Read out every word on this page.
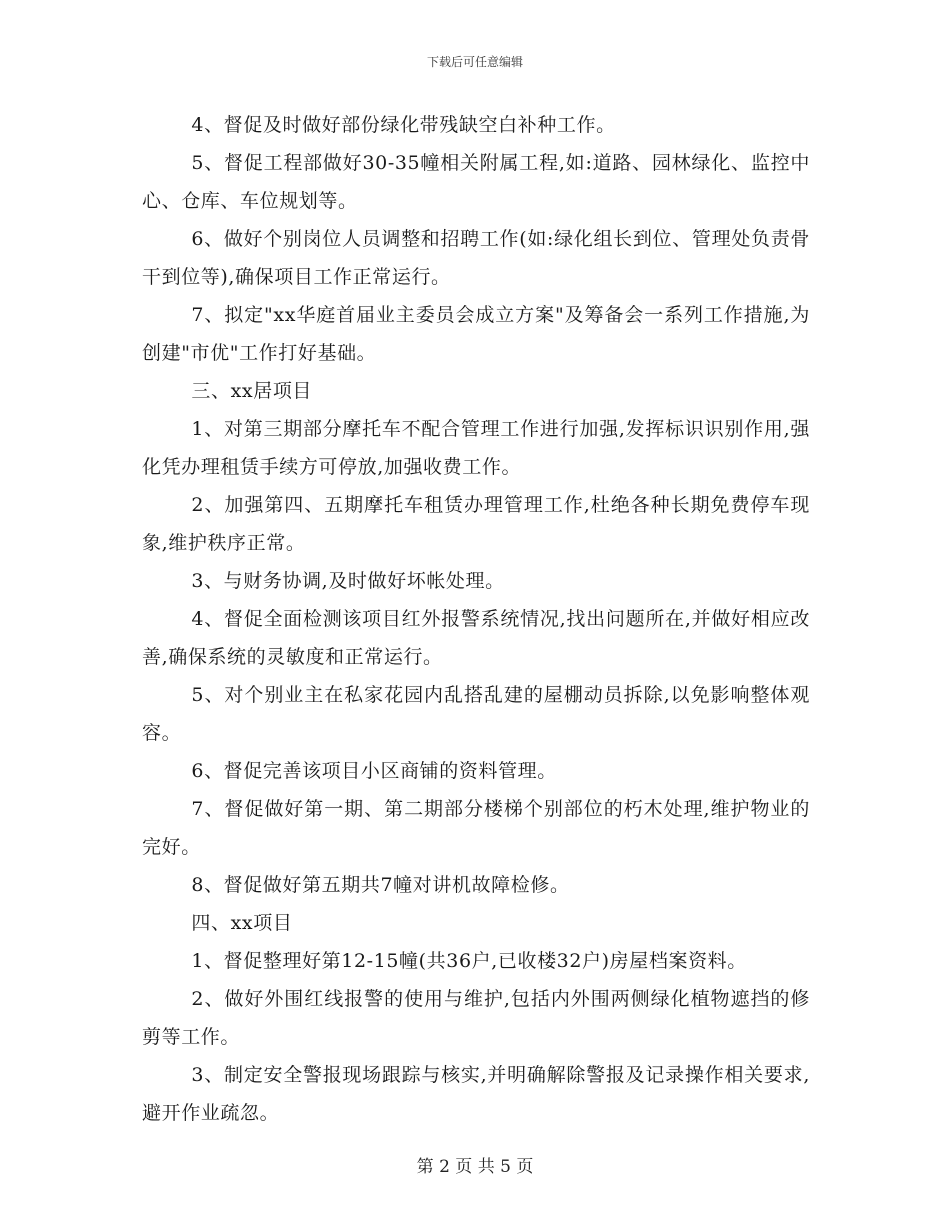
下载后可任意编辑

4、督促及时做好部份绿化带残缺空白补种工作。

5、督促工程部做好30-35幢相关附属工程,如:道路、园林绿化、监控中心、仓库、车位规划等。

6、做好个别岗位人员调整和招聘工作(如:绿化组长到位、管理处负责骨干到位等),确保项目工作正常运行。

7、拟定"xx华庭首届业主委员会成立方案"及筹备会一系列工作措施,为创建"市优"工作打好基础。

三、xx居项目

1、对第三期部分摩托车不配合管理工作进行加强,发挥标识识别作用,强化凭办理租赁手续方可停放,加强收费工作。

2、加强第四、五期摩托车租赁办理管理工作,杜绝各种长期免费停车现象,维护秩序正常。

3、与财务协调,及时做好坏帐处理。

4、督促全面检测该项目红外报警系统情况,找出问题所在,并做好相应改善,确保系统的灵敏度和正常运行。

5、对个别业主在私家花园内乱搭乱建的屋棚动员拆除,以免影响整体观容。

6、督促完善该项目小区商铺的资料管理。

7、督促做好第一期、第二期部分楼梯个别部位的朽木处理,维护物业的完好。

8、督促做好第五期共7幢对讲机故障检修。

四、xx项目

1、督促整理好第12-15幢(共36户,已收楼32户)房屋档案资料。

2、做好外围红线报警的使用与维护,包括内外围两侧绿化植物遮挡的修剪等工作。

3、制定安全警报现场跟踪与核实,并明确解除警报及记录操作相关要求,避开作业疏忽。

第 2 页 共 5 页
